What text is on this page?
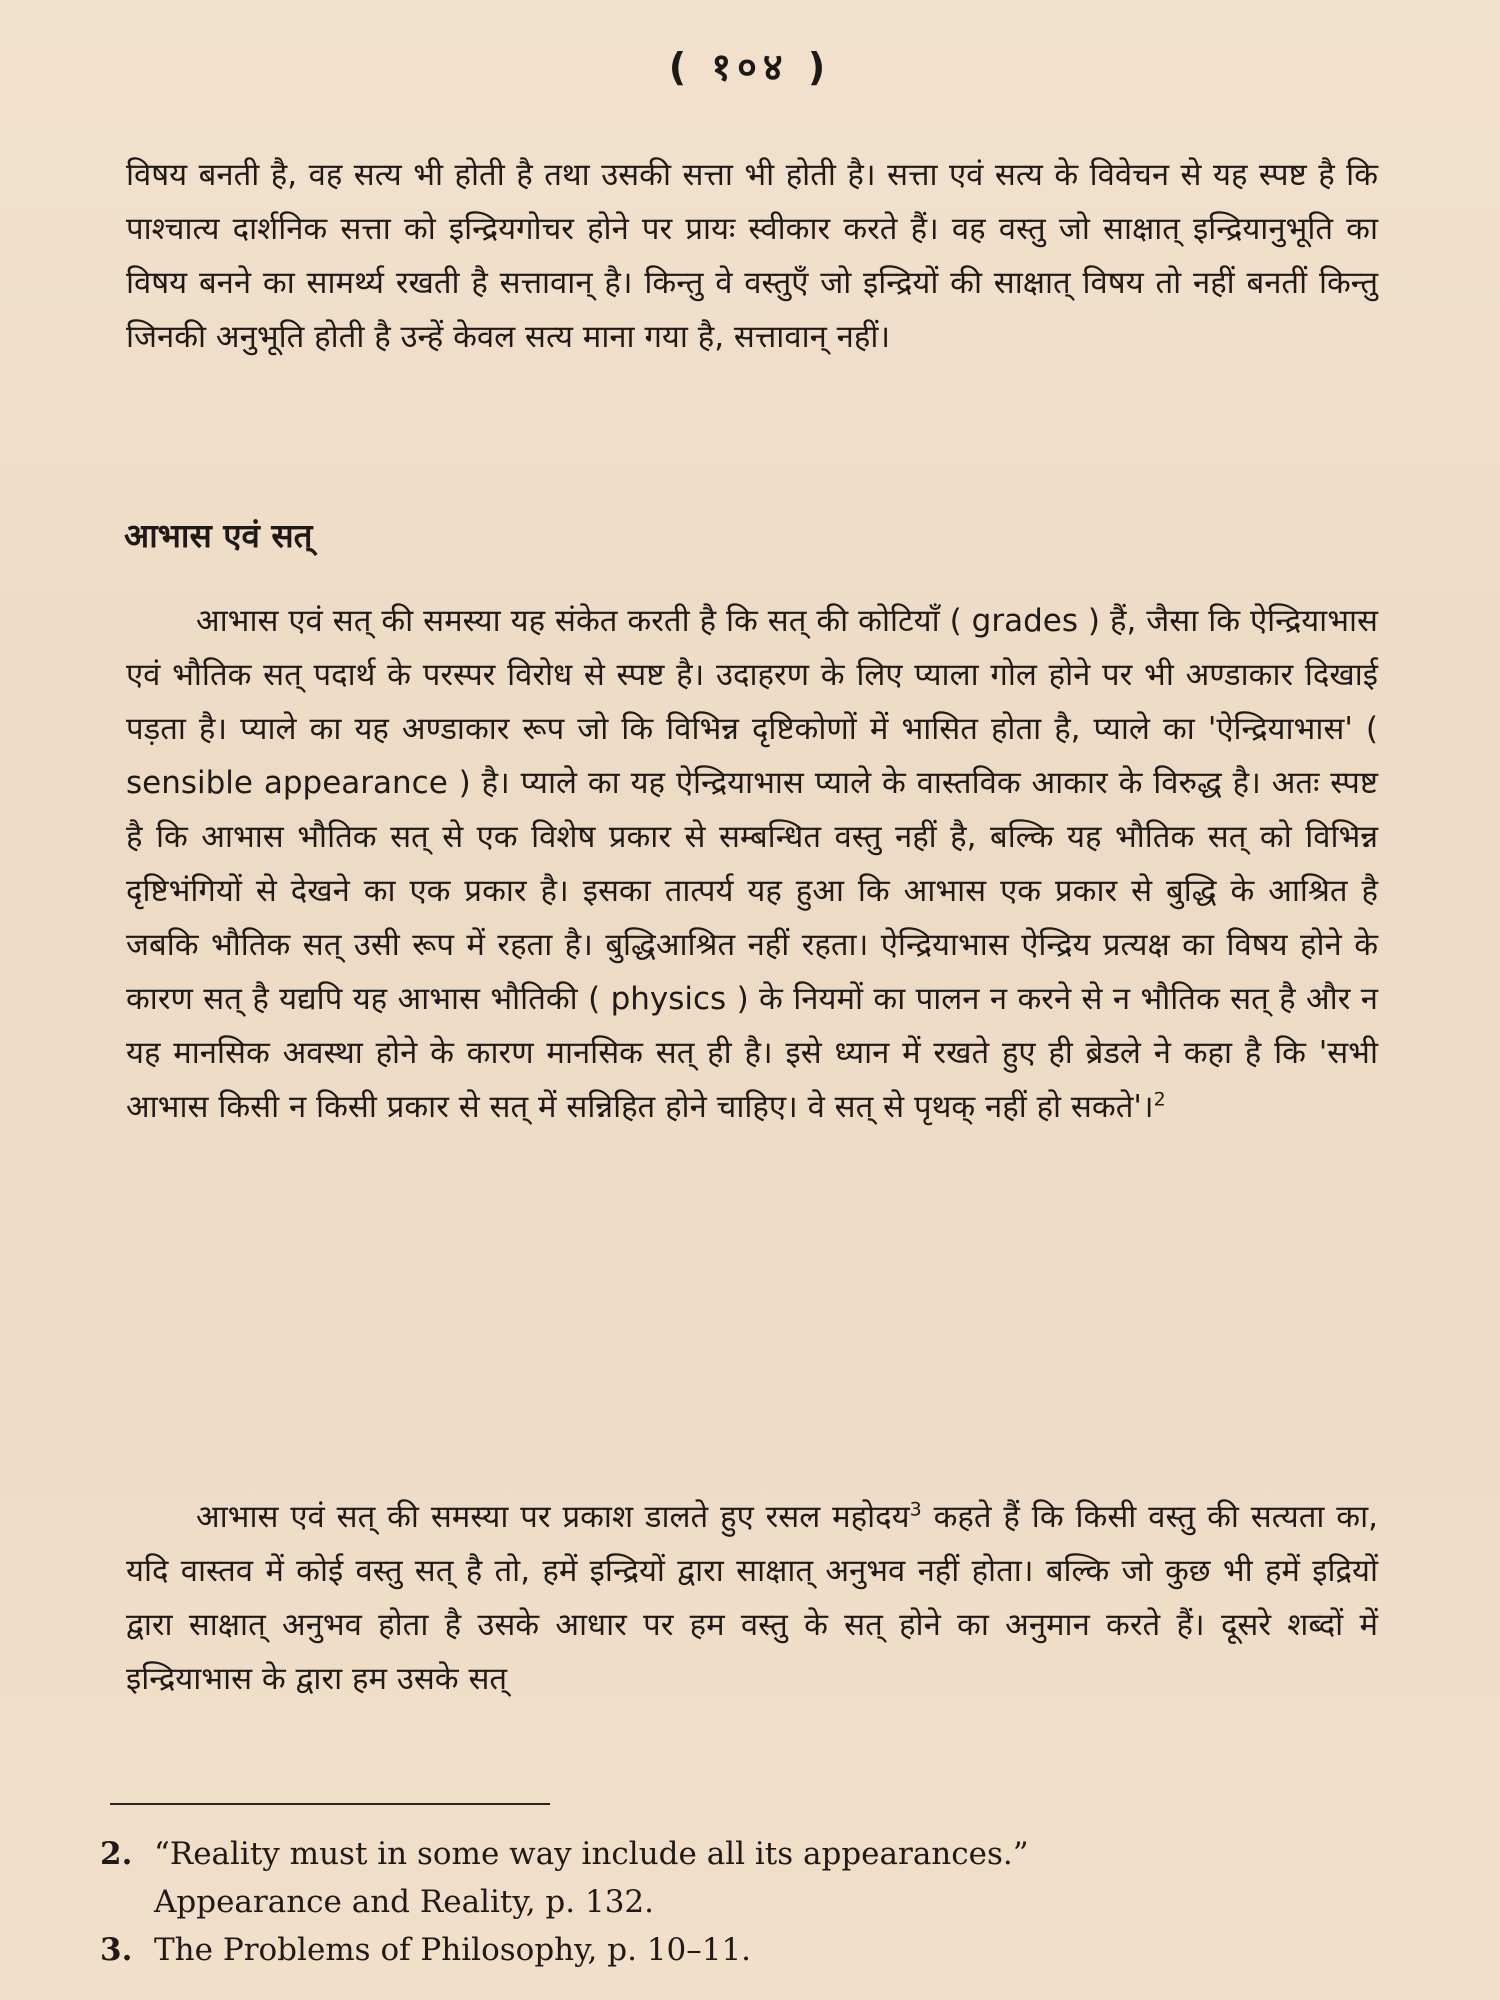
( १०४ )

विषय बनती है, वह सत्य भी होती है तथा उसकी सत्ता भी होती है। सत्ता एवं सत्य के विवेचन से यह स्पष्ट है कि पाश्चात्य दार्शनिक सत्ता को इन्द्रियगोचर होने पर प्रायः स्वीकार करते हैं। वह वस्तु जो साक्षात् इन्द्रियानुभूति का विषय बनने का सामर्थ्य रखती है सत्तावान् है। किन्तु वे वस्तुएँ जो इन्द्रियों की साक्षात् विषय तो नहीं बनतीं किन्तु जिनकी अनुभूति होती है उन्हें केवल सत्य माना गया है, सत्तावान् नहीं।

आभास एवं सत्

आभास एवं सत् की समस्या यह संकेत करती है कि सत् की कोटियाँ ( grades ) हैं, जैसा कि ऐन्द्रियाभास एवं भौतिक सत् पदार्थ के परस्पर विरोध से स्पष्ट है। उदाहरण के लिए प्याला गोल होने पर भी अण्डाकार दिखाई पड़ता है। प्याले का यह अण्डाकार रूप जो कि विभिन्न दृष्टिकोणों में भासित होता है, प्याले का 'ऐन्द्रियाभास' ( sensible appearance ) है। प्याले का यह ऐन्द्रियाभास प्याले के वास्तविक आकार के विरुद्ध है। अतः स्पष्ट है कि आभास भौतिक सत् से एक विशेष प्रकार से सम्बन्धित वस्तु नहीं है, बल्कि यह भौतिक सत् को विभिन्न दृष्टिभंगियों से देखने का एक प्रकार है। इसका तात्पर्य यह हुआ कि आभास एक प्रकार से बुद्धि के आश्रित है जबकि भौतिक सत् उसी रूप में रहता है। बुद्धिआश्रित नहीं रहता। ऐन्द्रियाभास ऐन्द्रिय प्रत्यक्ष का विषय होने के कारण सत् है यद्यपि यह आभास भौतिकी ( physics ) के नियमों का पालन न करने से न भौतिक सत् है और न यह मानसिक अवस्था होने के कारण मानसिक सत् ही है। इसे ध्यान में रखते हुए ही ब्रेडले ने कहा है कि 'सभी आभास किसी न किसी प्रकार से सत् में सन्निहित होने चाहिए। वे सत् से पृथक् नहीं हो सकते'।$^2$

आभास एवं सत् की समस्या पर प्रकाश डालते हुए रसल महोदय$^3$ कहते हैं कि किसी वस्तु की सत्यता का, यदि वास्तव में कोई वस्तु सत् है तो, हमें इन्द्रियों द्वारा साक्षात् अनुभव नहीं होता। बल्कि जो कुछ भी हमें इद्रियों द्वारा साक्षात् अनुभव होता है उसके आधार पर हम वस्तु के सत् होने का अनुमान करते हैं। दूसरे शब्दों में इन्द्रियाभास के द्वारा हम उसके सत्

2. “Reality must in some way include all its appearances.”
Appearance and Reality, p. 132.
3. The Problems of Philosophy, p. 10–11.
